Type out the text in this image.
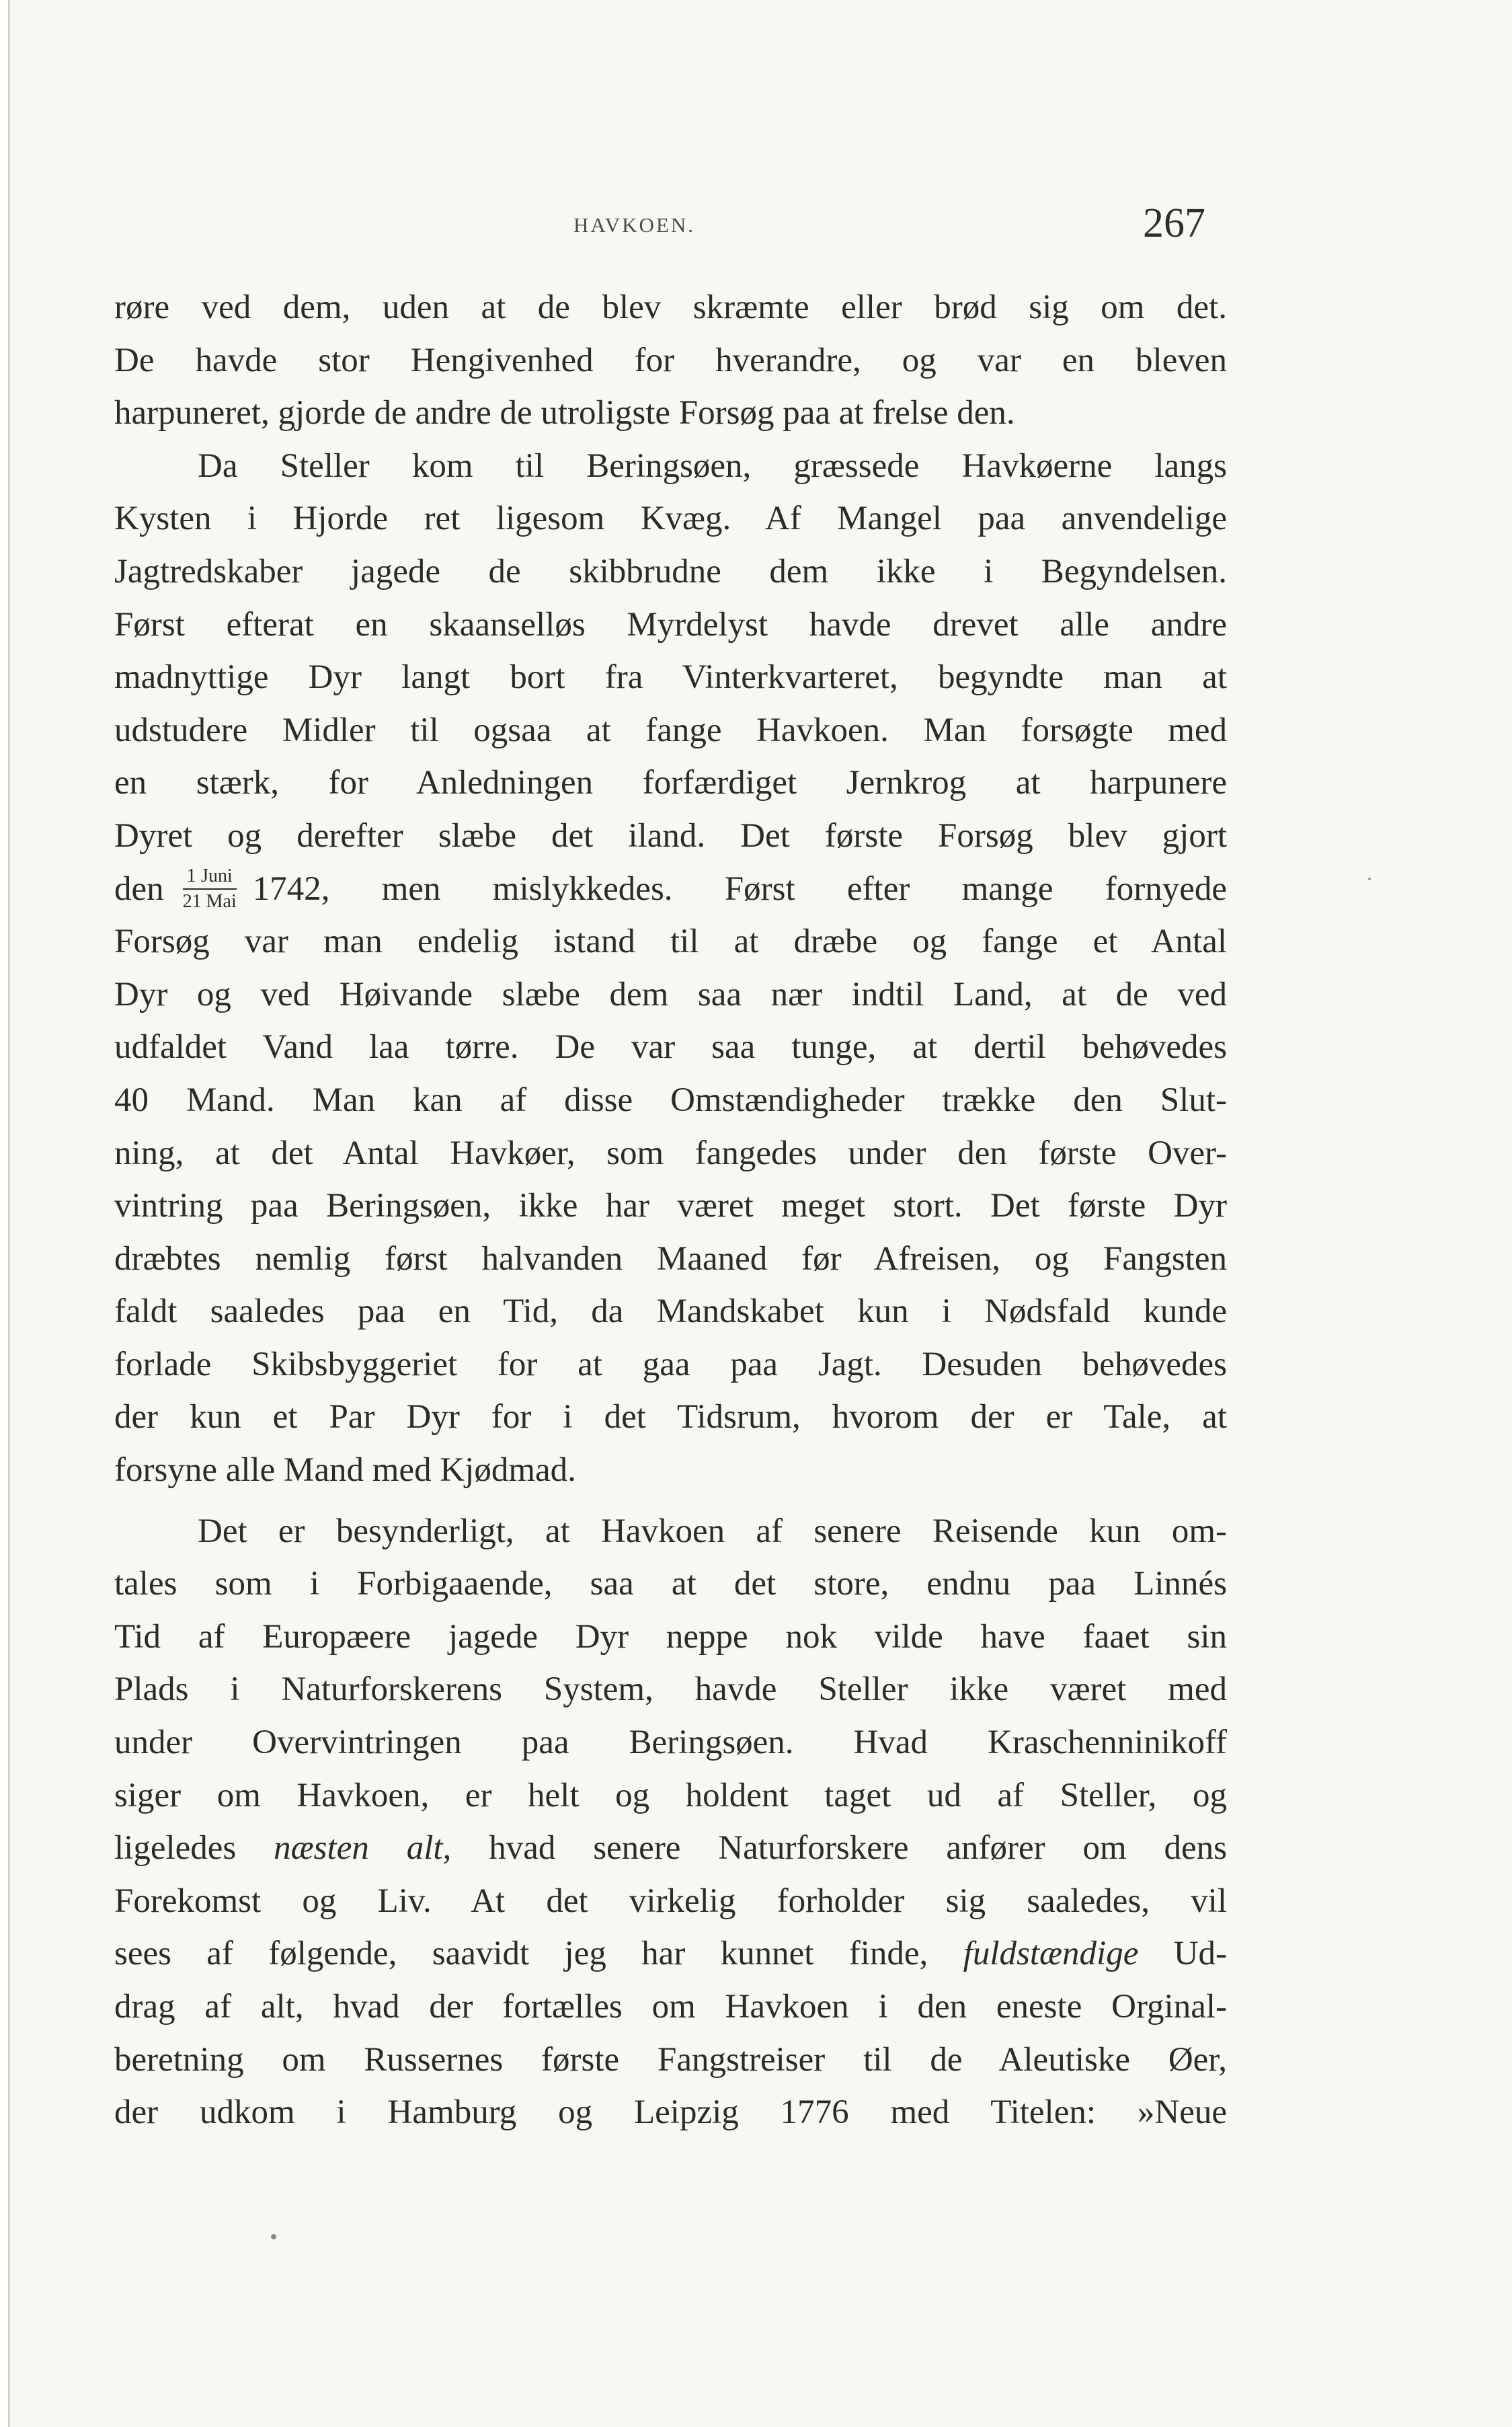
HAVKOEN.	267
røre ved dem, uden at de blev skræmte eller brød sig om det.
De havde stor Hengivenhed for hverandre, og var en bleven
harpuneret, gjorde de andre de utroligste Forsøg paa at frelse den.
Da Steller kom til Beringsøen, græssede Havkøerne langs
Kysten i Hjorde ret ligesom Kvæg. Af Mangel paa anvendelige
Jagtredskaber jagede de skibbrudne dem ikke i Begyndelsen.
Først efterat en skaanselløs Myrdelyst havde drevet alle andre
madnyttige Dyr langt bort fra Vinterkvarteret, begyndte man at
udstudere Midler til ogsaa at fange Havkoen. Man forsøgte med
en stærk, for Anledningen forfærdiget Jernkrog at harpunere
Dyret og derefter slæbe det iland. Det første Forsøg blev gjort
den $\frac{\text{1 Juni}}{\text{21 Mai}} 1742$, men mislykkedes. Først efter mange fornyede
Forsøg var man endelig istand til at dræbe og fange et Antal
Dyr og ved Høivande slæbe dem saa nær indtil Land, at de ved
udfaldet Vand laa tørre. De var saa tunge, at dertil behøvedes
40 Mand. Man kan af disse Omstændigheder trække den Slut-
ning, at det Antal Havkøer, som fangedes under den første Over-
vintring paa Beringsøen, ikke har været meget stort. Det første Dyr
dræbtes nemlig først halvanden Maaned før Afreisen, og Fangsten
faldt saaledes paa en Tid, da Mandskabet kun i Nødsfald kunde
forlade Skibsbyggeriet for at gaa paa Jagt. Desuden behøvedes
der kun et Par Dyr for i det Tidsrum, hvorom der er Tale, at
forsyne alle Mand med Kjødmad.
Det er besynderligt, at Havkoen af senere Reisende kun om-
tales som i Forbigaaende, saa at det store, endnu paa Linnés
Tid af Europæere jagede Dyr neppe nok vilde have faaet sin
Plads i Naturforskerens System, havde Steller ikke været med
under Overvintringen paa Beringsøen. Hvad Kraschenninikoff
siger om Havkoen, er helt og holdent taget ud af Steller, og
ligeledes næsten alt, hvad senere Naturforskere anfører om dens
Forekomst og Liv. At det virkelig forholder sig saaledes, vil
sees af følgende, saavidt jeg har kunnet finde, fuldstændige Ud-
drag af alt, hvad der fortælles om Havkoen i den eneste Orginal-
beretning om Russernes første Fangstreiser til de Aleutiske Øer,
der udkom i Hamburg og Leipzig 1776 med Titelen: »Neue
